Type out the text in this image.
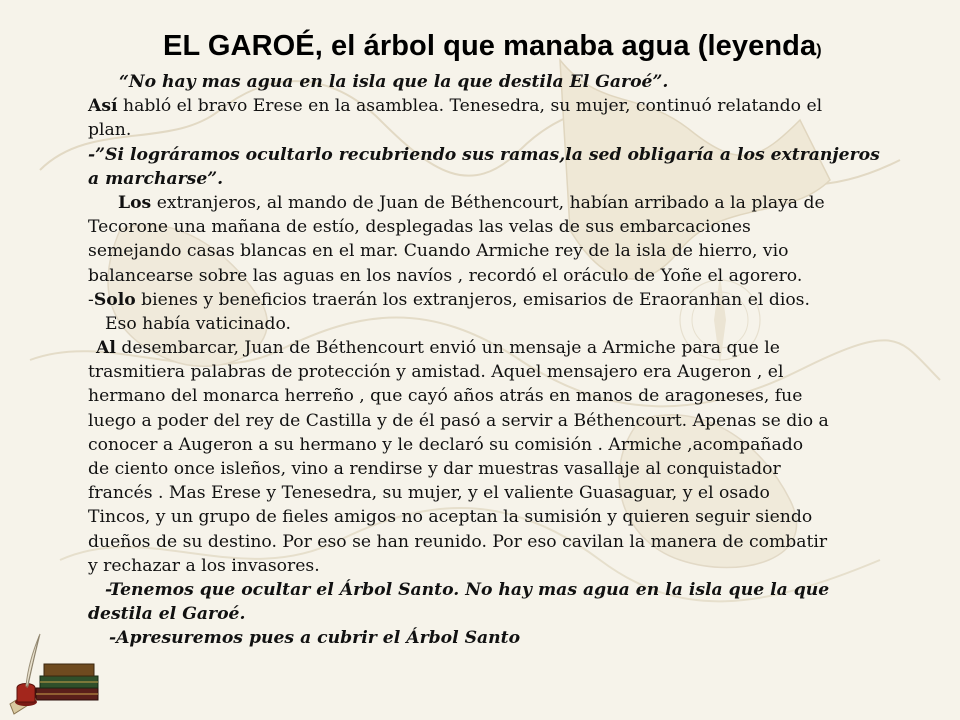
EL GAROÉ, el árbol que manaba agua (leyenda)
“No hay mas agua en la isla que la que destila El Garoé”.
Así habló el bravo Erese en la asamblea. Tenesedra, su mujer, continuó relatando el
plan.
-”Si lográramos ocultarlo recubriendo sus ramas,la sed obligaría a los extranjeros
a marcharse”.
Los extranjeros, al mando de Juan de Béthencourt, habían arribado a la playa de
Tecorone una mañana de estío, desplegadas las velas de sus embarcaciones
semejando casas blancas en el mar. Cuando Armiche rey de la isla de hierro, vio
balancearse sobre las aguas en los navíos , recordó el oráculo de Yoñe el agorero.
-Solo bienes y beneficios traerán los extranjeros, emisarios de Eraoranhan el dios.
Eso había vaticinado.
Al desembarcar, Juan de Béthencourt envió un mensaje a Armiche para que le
trasmitiera palabras de protección y amistad. Aquel mensajero era Augeron , el
hermano del monarca herreño , que cayó años atrás en manos de aragoneses, fue
luego a poder del rey de Castilla y de él pasó a servir a Béthencourt. Apenas se dio a
conocer a Augeron a su hermano y le declaró su comisión . Armiche ,acompañado
de ciento once isleños, vino a rendirse y dar muestras vasallaje al conquistador
francés . Mas Erese y Tenesedra, su mujer, y el valiente Guasaguar, y el osado
Tincos, y un grupo de fieles amigos no aceptan la sumisión y quieren seguir siendo
dueños de su destino. Por eso se han reunido. Por eso cavilan la manera de combatir
y rechazar a los invasores.
-Tenemos que ocultar el Árbol Santo. No hay mas agua en la isla que la que
destila el Garoé.
-Apresuremos pues a cubrir el Árbol Santo
